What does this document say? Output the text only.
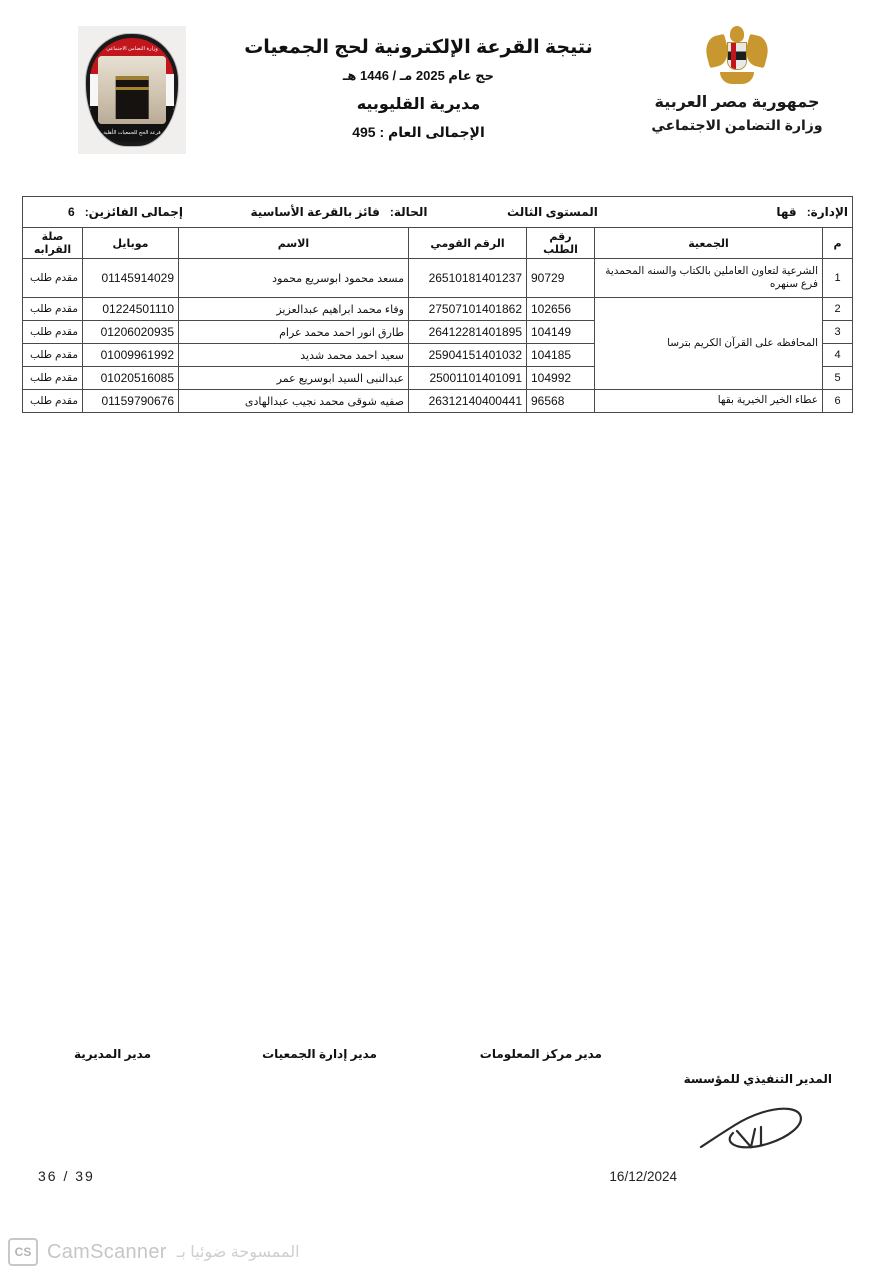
وزارة التضامن الاجتماعي
قرعة الحج للجمعيات الأهلية
نتيجة القرعة الإلكترونية لحج الجمعيات
حج عام 2025 مـ / 1446 هـ
مديرية القليوبيه
الإجمالى العام : 495
جمهورية مصر العربية
وزارة التضامن الاجتماعي
الإدارة:   قها
المستوى الثالث
الحالة:   فائز بالقرعة الأساسية
إجمالى الفائزين:   6						

م	الجمعية	رقم الطلب	الرقم القومي	الاسم	موبايل	صلة القرابه
1	الشرعية لتعاون العاملين بالكتاب والسنه المحمدية فرع سنهره	90729	26510181401237	مسعد محمود ابوسريع محمود	01145914029	مقدم طلب
2	المحافظه على القرآن الكريم بترسا	102656	27507101401862	وفاء محمد ابراهيم عبدالعزيز	01224501110	مقدم طلب
3		104149	26412281401895	طارق انور احمد محمد عرام	01206020935	مقدم طلب
4		104185	25904151401032	سعيد احمد محمد شديد	01009961992	مقدم طلب
5		104992	25001101401091	عبدالنبى السيد ابوسريع عمر	01020516085	مقدم طلب
6	عطاء الخير الخيرية بقها	96568	26312140400441	صفيه شوقى محمد نجيب عبدالهادى	01159790676	مقدم طلب
مدير المديرية	مدير إدارة الجمعيات	مدير مركز المعلومات
المدير التنفيذي للمؤسسة
36 / 39	16/12/2024
CS CamScanner الممسوحة ضوئيا بـ
